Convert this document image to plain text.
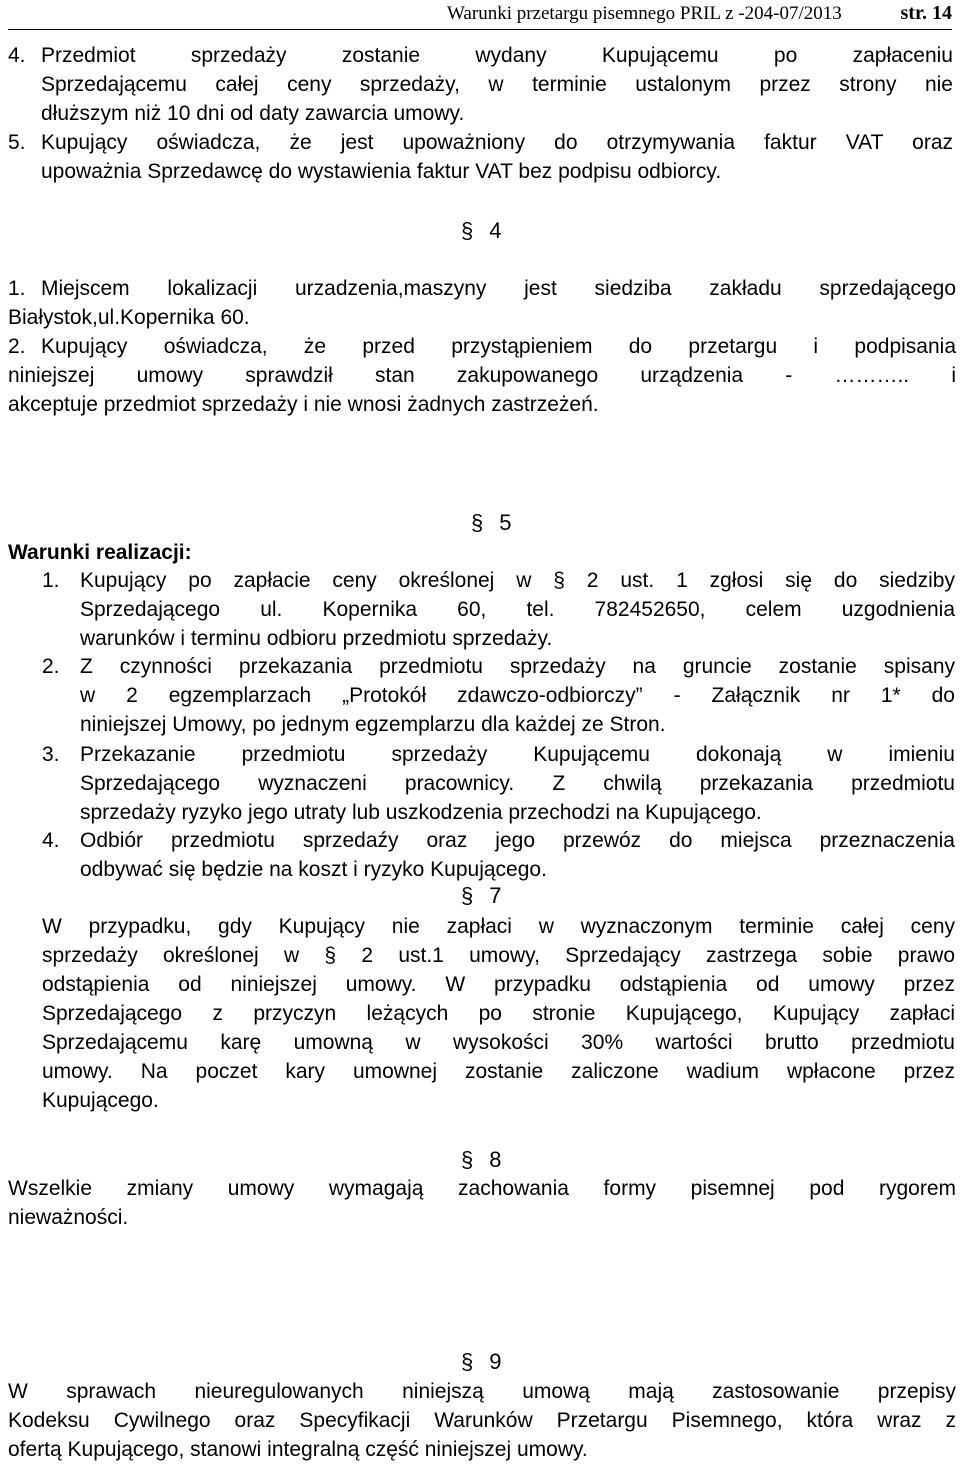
Warunki przetargu pisemnego PRIL z -204-07/2013	str. 14
4. Przedmiot sprzedaży zostanie wydany Kupującemu po zapłaceniu
Sprzedającemu całej ceny sprzedaży, w terminie ustalonym przez strony nie
dłuższym niż 10 dni od daty zawarcia umowy.
5. Kupujący oświadcza, że jest upoważniony do otrzymywania faktur VAT oraz
upoważnia Sprzedawcę do wystawienia faktur VAT bez podpisu odbiorcy.
§ 4
1. Miejscem lokalizacji urzadzenia,maszyny jest siedziba zakładu sprzedającego
Białystok,ul.Kopernika 60.
2. Kupujący oświadcza, że przed przystąpieniem do przetargu i podpisania
niniejszej umowy sprawdził stan zakupowanego urządzenia - ……….. i
akceptuje przedmiot sprzedaży i nie wnosi żadnych zastrzeżeń.
§ 5
Warunki realizacji:
1. Kupujący po zapłacie ceny określonej w § 2 ust. 1 zgłosi się do siedziby
Sprzedającego ul. Kopernika 60, tel. 782452650, celem uzgodnienia
warunków i terminu odbioru przedmiotu sprzedaży.
2. Z czynności przekazania przedmiotu sprzedaży na gruncie zostanie spisany
w 2 egzemplarzach „Protokół zdawczo-odbiorczy” - Załącznik nr 1* do
niniejszej Umowy, po jednym egzemplarzu dla każdej ze Stron.
3. Przekazanie przedmiotu sprzedaży Kupującemu dokonają w imieniu
Sprzedającego wyznaczeni pracownicy. Z chwilą przekazania przedmiotu
sprzedaży ryzyko jego utraty lub uszkodzenia przechodzi na Kupującego.
4. Odbiór przedmiotu sprzedaźy oraz jego przewóz do miejsca przeznaczenia
odbywać się będzie na koszt i ryzyko Kupującego.
§ 7
W przypadku, gdy Kupujący nie zapłaci w wyznaczonym terminie całej ceny
sprzedaży określonej w § 2 ust.1 umowy, Sprzedający zastrzega sobie prawo
odstąpienia od niniejszej umowy. W przypadku odstąpienia od umowy przez
Sprzedającego z przyczyn leżących po stronie Kupującego, Kupujący zapłaci
Sprzedającemu karę umowną w wysokości 30% wartości brutto przedmiotu
umowy. Na poczet kary umownej zostanie zaliczone wadium wpłacone przez
Kupującego.
§ 8
Wszelkie zmiany umowy wymagają zachowania formy pisemnej pod rygorem
nieważności.
§ 9
W sprawach nieuregulowanych niniejszą umową mają zastosowanie przepisy
Kodeksu Cywilnego oraz Specyfikacji Warunków Przetargu Pisemnego, która wraz z
ofertą Kupującego, stanowi integralną część niniejszej umowy.
